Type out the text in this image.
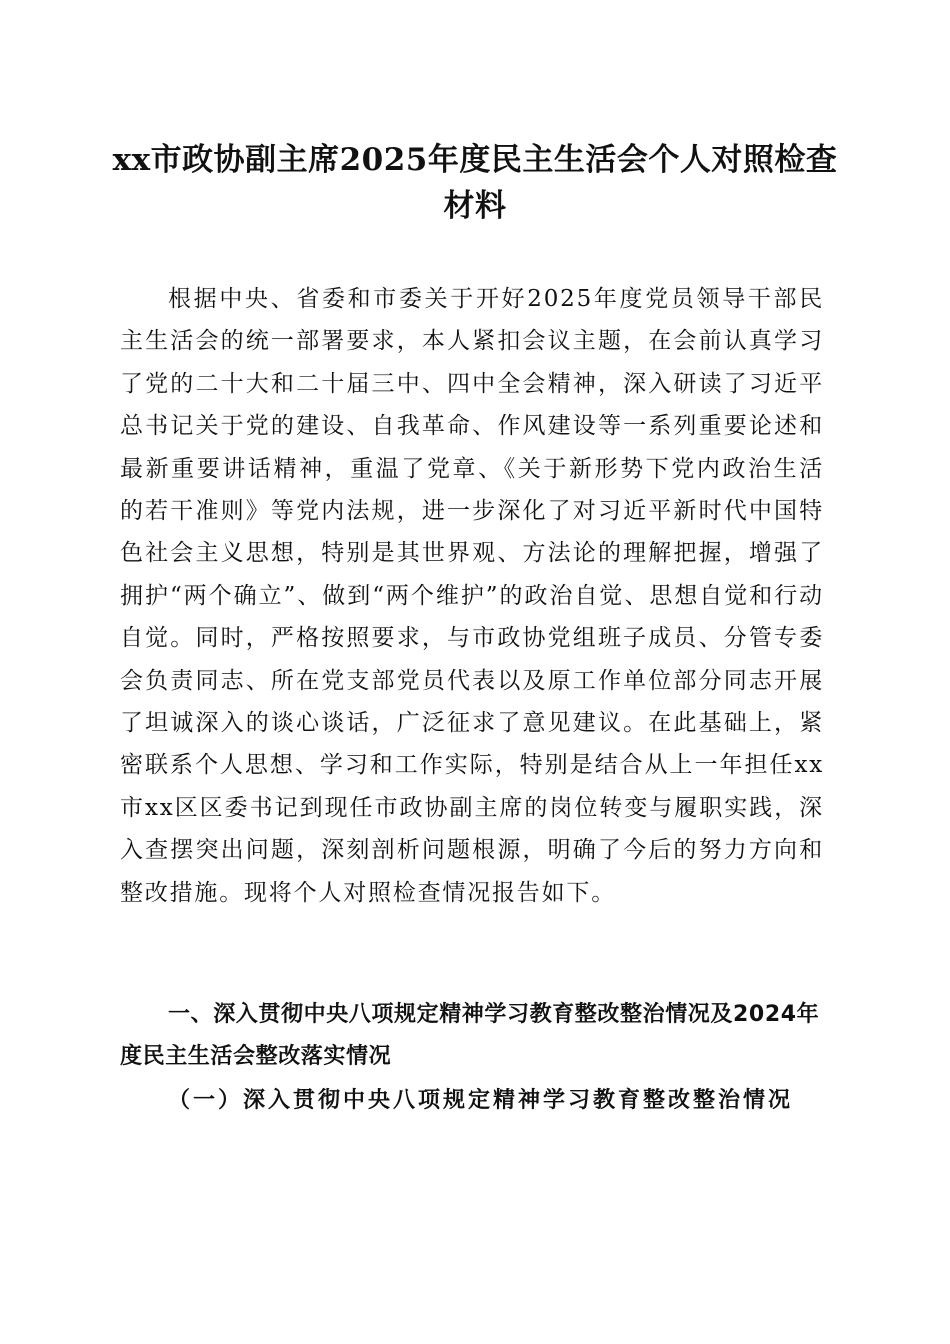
xx市政协副主席2025年度民主生活会个人对照检查材料

根据中央、省委和市委关于开好2025年度党员领导干部民主生活会的统一部署要求，本人紧扣会议主题，在会前认真学习了党的二十大和二十届三中、四中全会精神，深入研读了习近平总书记关于党的建设、自我革命、作风建设等一系列重要论述和最新重要讲话精神，重温了党章、《关于新形势下党内政治生活的若干准则》等党内法规，进一步深化了对习近平新时代中国特色社会主义思想，特别是其世界观、方法论的理解把握，增强了拥护“两个确立”、做到“两个维护”的政治自觉、思想自觉和行动自觉。同时，严格按照要求，与市政协党组班子成员、分管专委会负责同志、所在党支部党员代表以及原工作单位部分同志开展了坦诚深入的谈心谈话，广泛征求了意见建议。在此基础上，紧密联系个人思想、学习和工作实际，特别是结合从上一年担任xx市xx区区委书记到现任市政协副主席的岗位转变与履职实践，深入查摆突出问题，深刻剖析问题根源，明确了今后的努力方向和整改措施。现将个人对照检查情况报告如下。

一、深入贯彻中央八项规定精神学习教育整改整治情况及2024年度民主生活会整改落实情况
（一）深入贯彻中央八项规定精神学习教育整改整治情况
